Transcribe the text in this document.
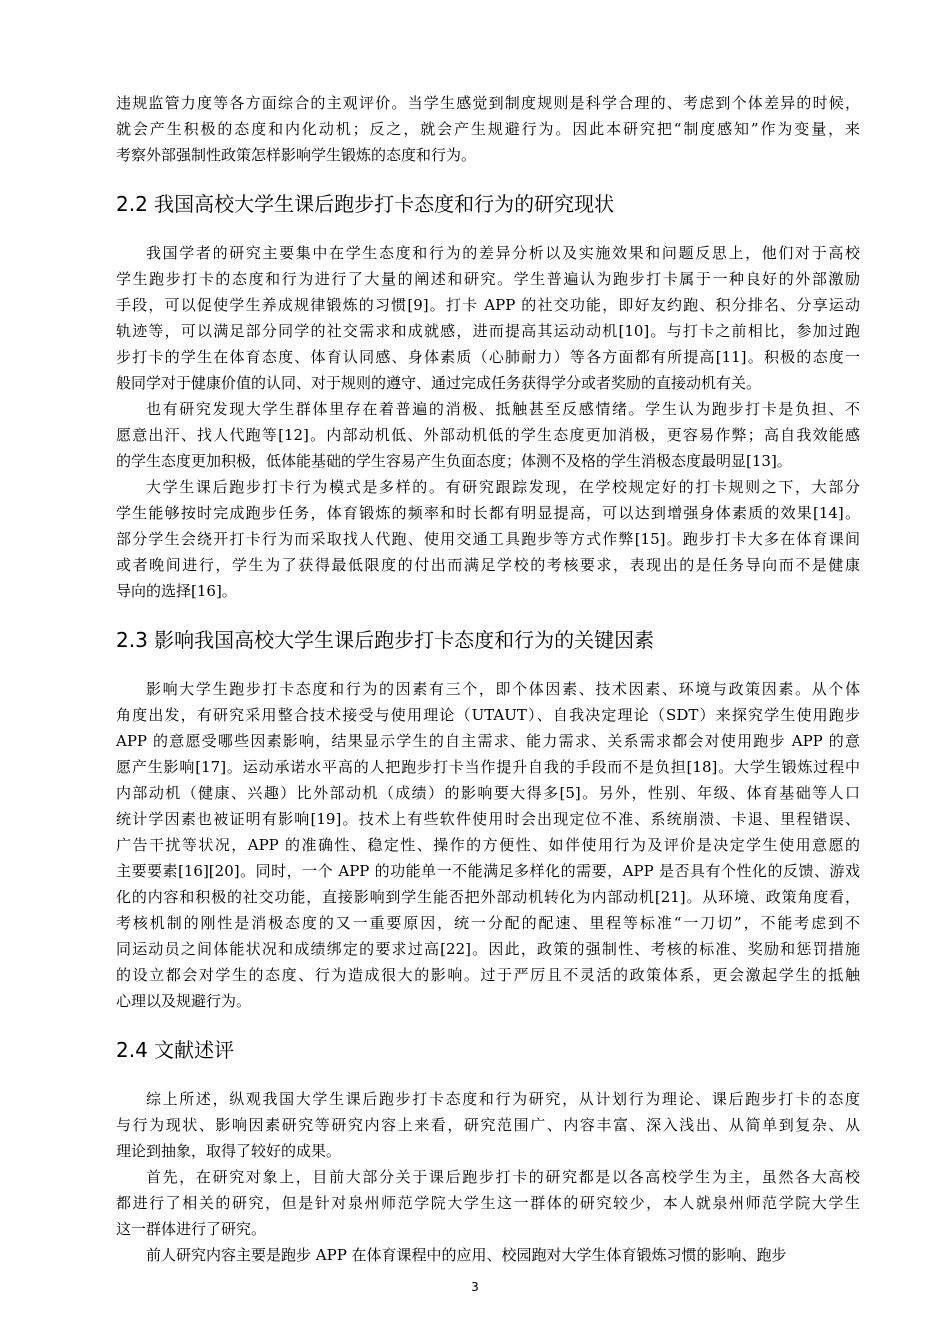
违规监管力度等各方面综合的主观评价。当学生感觉到制度规则是科学合理的、考虑到个体差异的时候，
就会产生积极的态度和内化动机；反之，就会产生规避行为。因此本研究把“制度感知”作为变量，来
考察外部强制性政策怎样影响学生锻炼的态度和行为。
2.2 我国高校大学生课后跑步打卡态度和行为的研究现状
我国学者的研究主要集中在学生态度和行为的差异分析以及实施效果和问题反思上，他们对于高校
学生跑步打卡的态度和行为进行了大量的阐述和研究。学生普遍认为跑步打卡属于一种良好的外部激励
手段，可以促使学生养成规律锻炼的习惯[9]。打卡 APP 的社交功能，即好友约跑、积分排名、分享运动
轨迹等，可以满足部分同学的社交需求和成就感，进而提高其运动动机[10]。与打卡之前相比，参加过跑
步打卡的学生在体育态度、体育认同感、身体素质（心肺耐力）等各方面都有所提高[11]。积极的态度一
般同学对于健康价值的认同、对于规则的遵守、通过完成任务获得学分或者奖励的直接动机有关。
也有研究发现大学生群体里存在着普遍的消极、抵触甚至反感情绪。学生认为跑步打卡是负担、不
愿意出汗、找人代跑等[12]。内部动机低、外部动机低的学生态度更加消极，更容易作弊；高自我效能感
的学生态度更加积极，低体能基础的学生容易产生负面态度；体测不及格的学生消极态度最明显[13]。
大学生课后跑步打卡行为模式是多样的。有研究跟踪发现，在学校规定好的打卡规则之下，大部分
学生能够按时完成跑步任务，体育锻炼的频率和时长都有明显提高，可以达到增强身体素质的效果[14]。
部分学生会绕开打卡行为而采取找人代跑、使用交通工具跑步等方式作弊[15]。跑步打卡大多在体育课间
或者晚间进行，学生为了获得最低限度的付出而满足学校的考核要求，表现出的是任务导向而不是健康
导向的选择[16]。
2.3 影响我国高校大学生课后跑步打卡态度和行为的关键因素
影响大学生跑步打卡态度和行为的因素有三个，即个体因素、技术因素、环境与政策因素。从个体
角度出发，有研究采用整合技术接受与使用理论（UTAUT）、自我决定理论（SDT）来探究学生使用跑步
APP 的意愿受哪些因素影响，结果显示学生的自主需求、能力需求、关系需求都会对使用跑步 APP 的意
愿产生影响[17]。运动承诺水平高的人把跑步打卡当作提升自我的手段而不是负担[18]。大学生锻炼过程中
内部动机（健康、兴趣）比外部动机（成绩）的影响要大得多[5]。另外，性别、年级、体育基础等人口
统计学因素也被证明有影响[19]。技术上有些软件使用时会出现定位不准、系统崩溃、卡退、里程错误、
广告干扰等状况，APP 的准确性、稳定性、操作的方便性、如伴使用行为及评价是决定学生使用意愿的
主要要素[16][20]。同时，一个 APP 的功能单一不能满足多样化的需要，APP 是否具有个性化的反馈、游戏
化的内容和积极的社交功能，直接影响到学生能否把外部动机转化为内部动机[21]。从环境、政策角度看，
考核机制的刚性是消极态度的又一重要原因，统一分配的配速、里程等标准“一刀切”，不能考虑到不
同运动员之间体能状况和成绩绑定的要求过高[22]。因此，政策的强制性、考核的标准、奖励和惩罚措施
的设立都会对学生的态度、行为造成很大的影响。过于严厉且不灵活的政策体系，更会激起学生的抵触
心理以及规避行为。
2.4 文献述评
综上所述，纵观我国大学生课后跑步打卡态度和行为研究，从计划行为理论、课后跑步打卡的态度
与行为现状、影响因素研究等研究内容上来看，研究范围广、内容丰富、深入浅出、从简单到复杂、从
理论到抽象，取得了较好的成果。
首先，在研究对象上，目前大部分关于课后跑步打卡的研究都是以各高校学生为主，虽然各大高校
都进行了相关的研究，但是针对泉州师范学院大学生这一群体的研究较少，本人就泉州师范学院大学生
这一群体进行了研究。
前人研究内容主要是跑步 APP 在体育课程中的应用、校园跑对大学生体育锻炼习惯的影响、跑步
3
